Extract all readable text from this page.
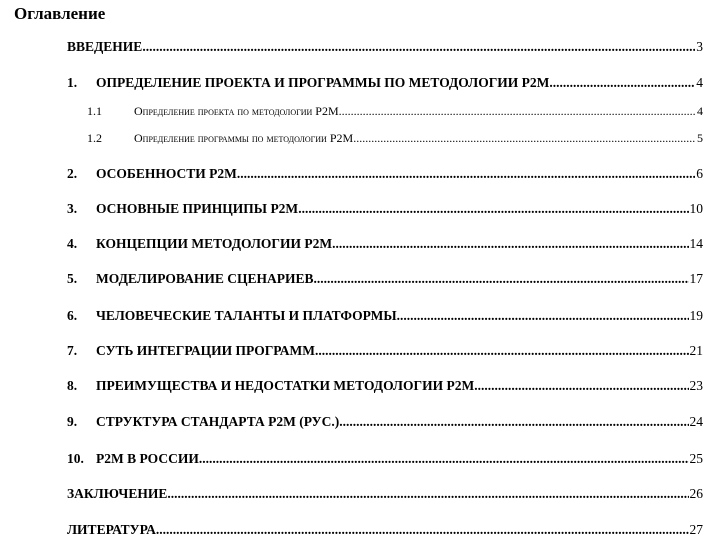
Оглавление
ВВЕДЕНИЕ .....	3
1. ОПРЕДЕЛЕНИЕ ПРОЕКТА И ПРОГРАММЫ ПО МЕТОДОЛОГИИ P2M .....	4
1.1	Определение проекта по методологии P2M .....	4
1.2	Определение программы по методологии P2M .....	5
2. ОСОБЕННОСТИ P2M .....	6
3. ОСНОВНЫЕ ПРИНЦИПЫ P2M .....	10
4. КОНЦЕПЦИИ МЕТОДОЛОГИИ P2M .....	14
5. МОДЕЛИРОВАНИЕ СЦЕНАРИЕВ .....	17
6. ЧЕЛОВЕЧЕСКИЕ ТАЛАНТЫ И ПЛАТФОРМЫ .....	19
7. СУТЬ ИНТЕГРАЦИИ ПРОГРАММ .....	21
8. ПРЕИМУЩЕСТВА И НЕДОСТАТКИ МЕТОДОЛОГИИ P2M .....	23
9. СТРУКТУРА СТАНДАРТА P2M (РУС.) .....	24
10. P2M В РОССИИ .....	25
ЗАКЛЮЧЕНИЕ .....	26
ЛИТЕРАТУРА .....	27
